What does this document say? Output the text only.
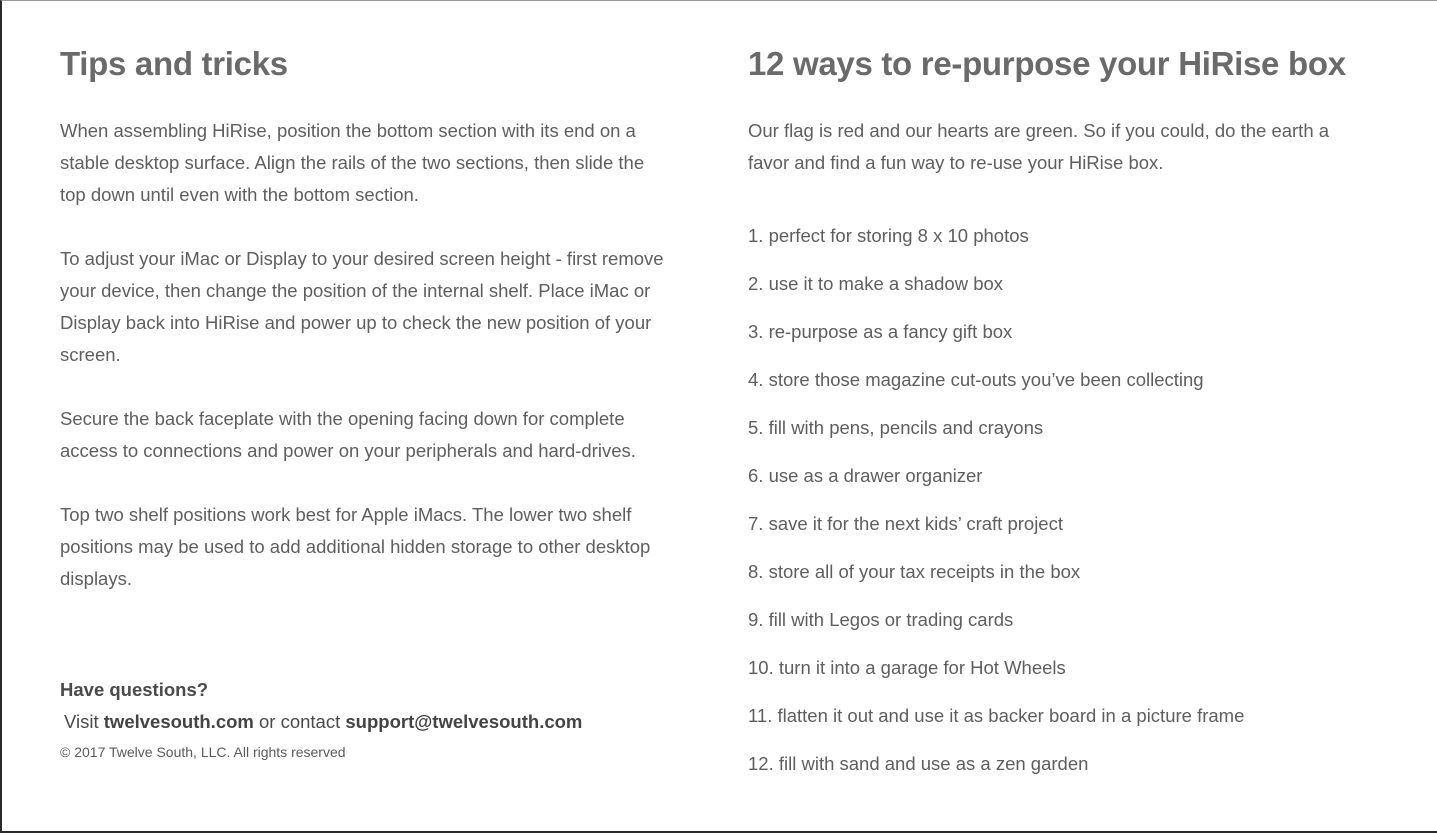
Tips and tricks

When assembling HiRise, position the bottom section with its end on a stable desktop surface. Align the rails of the two sections, then slide the top down until even with the bottom section.

To adjust your iMac or Display to your desired screen height - first remove your device, then change the position of the internal shelf. Place iMac or Display back into HiRise and power up to check the new position of your screen.

Secure the back faceplate with the opening facing down for complete access to connections and power on your peripherals and hard-drives.

Top two shelf positions work best for Apple iMacs. The lower two shelf positions may be used to add additional hidden storage to other desktop displays.

Have questions?
Visit twelvesouth.com or contact support@twelvesouth.com
© 2017 Twelve South, LLC. All rights reserved
12 ways to re-purpose your HiRise box

Our flag is red and our hearts are green. So if you could, do the earth a favor and find a fun way to re-use your HiRise box.

1. perfect for storing 8 x 10 photos
2. use it to make a shadow box
3. re-purpose as a fancy gift box
4. store those magazine cut-outs you’ve been collecting
5. fill with pens, pencils and crayons
6. use as a drawer organizer
7. save it for the next kids’ craft project
8. store all of your tax receipts in the box
9. fill with Legos or trading cards
10. turn it into a garage for Hot Wheels
11. flatten it out and use it as backer board in a picture frame
12. fill with sand and use as a zen garden
